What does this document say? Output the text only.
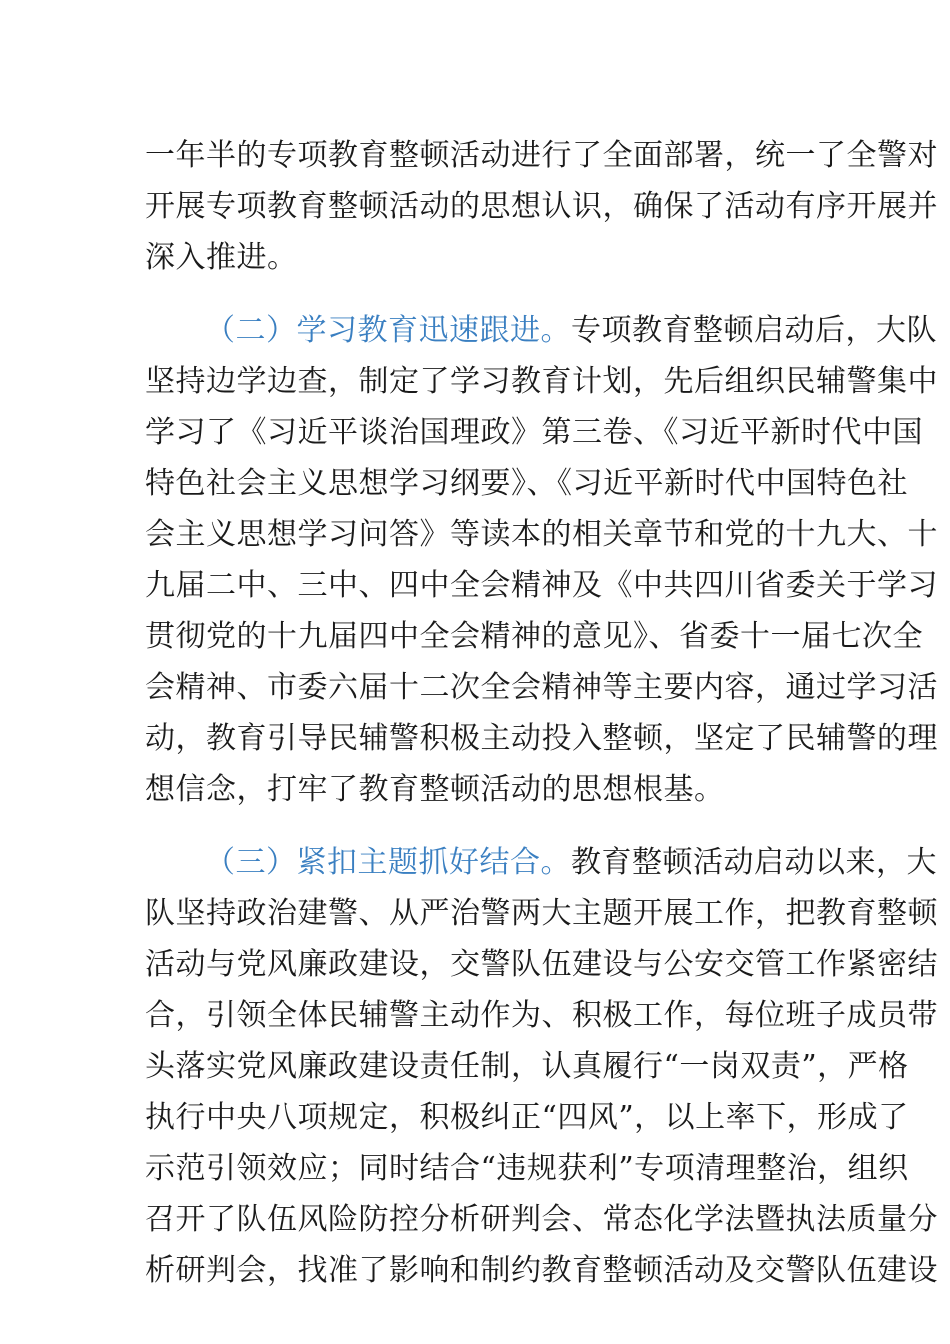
一年半的专项教育整顿活动进行了全面部署，统一了全警对
开展专项教育整顿活动的思想认识，确保了活动有序开展并
深入推进。
（二）学习教育迅速跟进。专项教育整顿启动后，大队
坚持边学边查，制定了学习教育计划，先后组织民辅警集中
学习了《习近平谈治国理政》第三卷、《习近平新时代中国
特色社会主义思想学习纲要》、《习近平新时代中国特色社
会主义思想学习问答》等读本的相关章节和党的十九大、十
九届二中、三中、四中全会精神及《中共四川省委关于学习
贯彻党的十九届四中全会精神的意见》、省委十一届七次全
会精神、市委六届十二次全会精神等主要内容，通过学习活
动，教育引导民辅警积极主动投入整顿，坚定了民辅警的理
想信念，打牢了教育整顿活动的思想根基。
（三）紧扣主题抓好结合。教育整顿活动启动以来，大
队坚持政治建警、从严治警两大主题开展工作，把教育整顿
活动与党风廉政建设，交警队伍建设与公安交管工作紧密结
合，引领全体民辅警主动作为、积极工作，每位班子成员带
头落实党风廉政建设责任制，认真履行“一岗双责”，严格
执行中央八项规定，积极纠正“四风”，以上率下，形成了
示范引领效应；同时结合“违规获利”专项清理整治，组织
召开了队伍风险防控分析研判会、常态化学法暨执法质量分
析研判会，找准了影响和制约教育整顿活动及交警队伍建设
